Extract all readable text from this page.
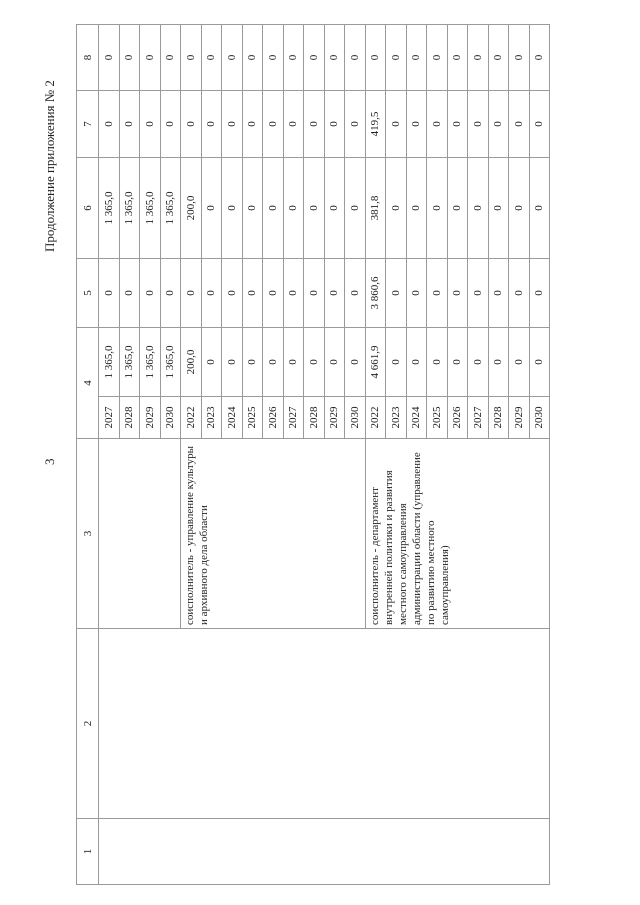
3
Продолжение приложения № 2
1	2	3	4		5	6	7	8
			2027	1 365,0	0	1 365,0	0	0
			2028	1 365,0	0	1 365,0	0	0
			2029	1 365,0	0	1 365,0	0	0
			2030	1 365,0	0	1 365,0	0	0
		соисполнитель - управление культуры и архивного дела области	2022	200,0	0	200,0	0	0
			2023	0	0	0	0	0
			2024	0	0	0	0	0
			2025	0	0	0	0	0
			2026	0	0	0	0	0
			2027	0	0	0	0	0
			2028	0	0	0	0	0
			2029	0	0	0	0	0
			2030	0	0	0	0	0
		соисполнитель - департамент внутренней политики и развития местного самоуправления администрации области (управление по развитию местного самоуправления)	2022	4 661,9	3 860,6	381,8	419,5	0
			2023	0	0	0	0	0
			2024	0	0	0	0	0
			2025	0	0	0	0	0
			2026	0	0	0	0	0
			2027	0	0	0	0	0
			2028	0	0	0	0	0
			2029	0	0	0	0	0
			2030	0	0	0	0	0
